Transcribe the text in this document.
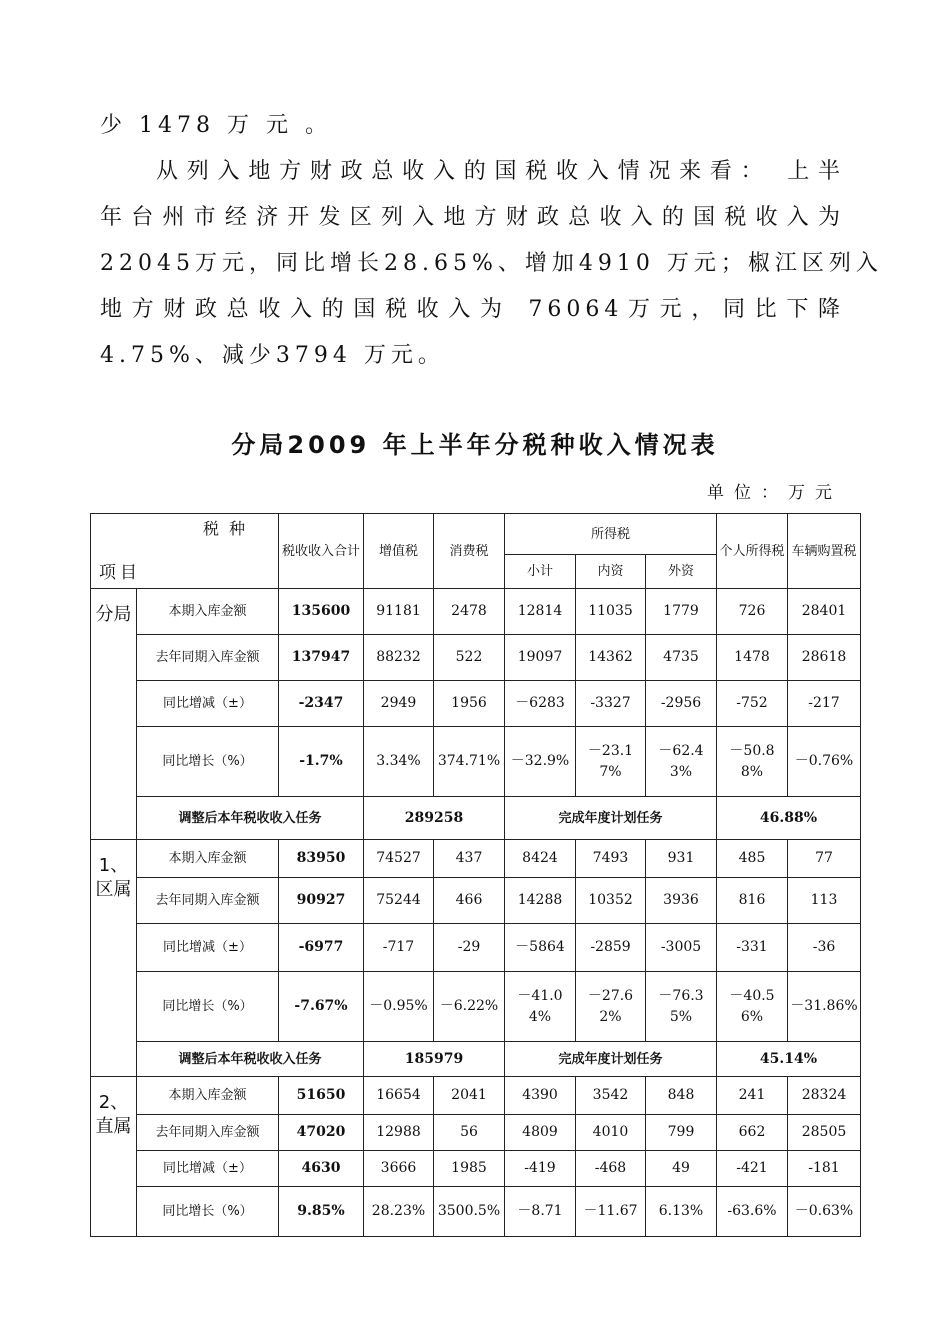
少 1478 万 元 。
从列入地方财政总收入的国税收入情况来看： 上半
年台州市经济开发区列入地方财政总收入的国税收入为
22045万元，同比增长28.65%、增加4910 万元；椒江区列入
地方财政总收入的国税收入为 76064万元，同比下降
4.75%、减少3794 万元。
分局2009 年上半年分税种收入情况表
单位：万元
税种
项目		税收收入合计	增值税	消费税	所得税			个人所得税	车辆购置税
					小计	内资	外资		
分局	本期入库金额	135600	91181	2478	12814	11035	1779	726	28401
	去年同期入库金额	137947	88232	522	19097	14362	4735	1478	28618
	同比增减（±）	-2347	2949	1956	－6283	-3327	-2956	-752	-217
	同比增长（%）	-1.7%	3.34%	374.71%	－32.9%	－23.17%	－62.43%	－50.88%	－0.76%
	调整后本年税收收入任务		289258		完成年度计划任务			46.88%	
1、区属	本期入库金额	83950	74527	437	8424	7493	931	485	77
	去年同期入库金额	90927	75244	466	14288	10352	3936	816	113
	同比增减（±）	-6977	-717	-29	－5864	-2859	-3005	-331	-36
	同比增长（%）	-7.67%	－0.95%	－6.22%	－41.04%	－27.62%	－76.35%	－40.56%	－31.86%
	调整后本年税收收入任务		185979		完成年度计划任务			45.14%	
2、直属	本期入库金额	51650	16654	2041	4390	3542	848	241	28324
	去年同期入库金额	47020	12988	56	4809	4010	799	662	28505
	同比增减（±）	4630	3666	1985	-419	-468	49	-421	-181
	同比增长（%）	9.85%	28.23%	3500.5%	－8.71	－11.67	6.13%	-63.6%	－0.63%
